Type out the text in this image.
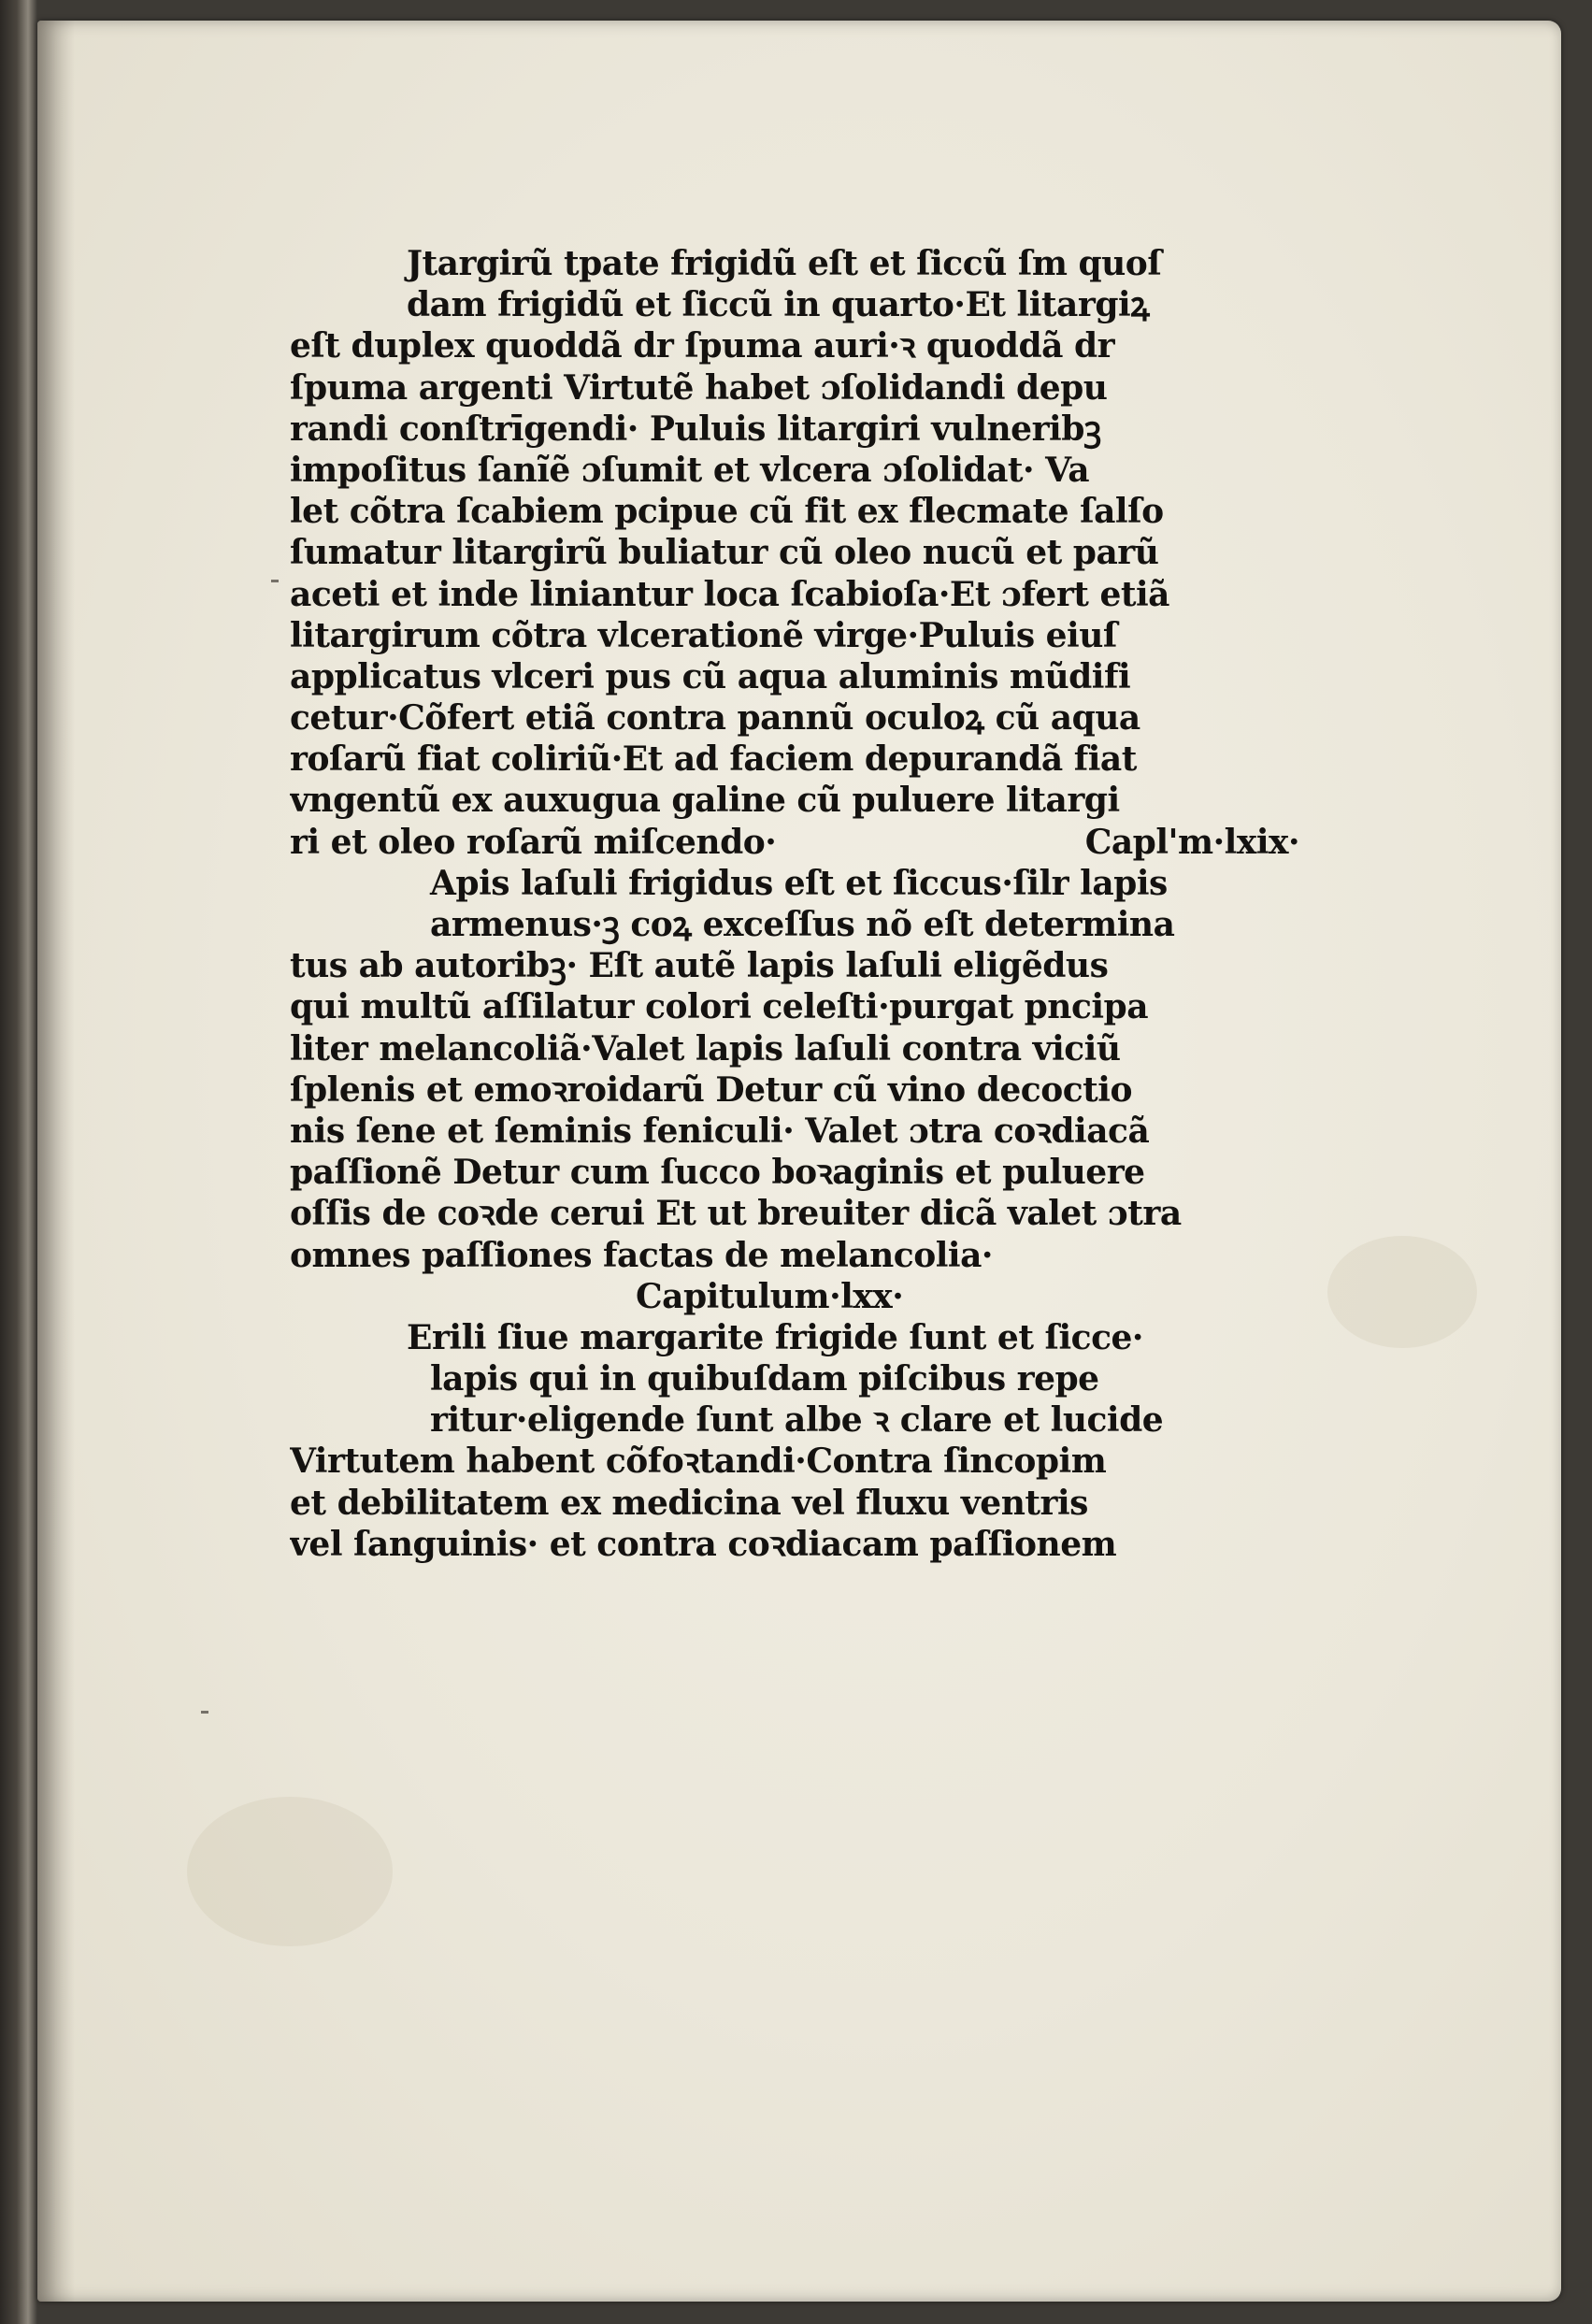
Jtargirũ tpate frigidũ eſt et ſiccũ ſm quoſ
dam frigidũ et ſiccũ in quarto·Et litargiꝝ
eſt duplex quoddã dr ſpuma auri·ꝛ quoddã dr
ſpuma argenti Virtutẽ habet ɔſolidandi depu
randi conſtrīgendi· Puluis litargiri vulneribꝫ
impoſitus ſanĩẽ ɔſumit et vlcera ɔſolidat· Va
let cõtra ſcabiem pcipue cũ fit ex flecmate ſalſo
ſumatur litargirũ buliatur cũ oleo nucũ et parũ
aceti et inde liniantur loca ſcabioſa·Et ɔfert etiã
litargirum cõtra vlcerationẽ virge·Puluis eiuſ
applicatus vlceri pus cũ aqua aluminis mũdifi
cetur·Cõfert etiã contra pannũ oculoꝝ cũ aqua
roſarũ fiat coliriũ·Et ad faciem depurandã fiat
vngentũ ex auxugua galine cũ puluere litargi
ri et oleo roſarũ miſcendo·	Capl'm·lxix·
Apis laſuli frigidus eſt et ſiccus·ſilr lapis
armenus·ꝫ coꝝ exceſſus nõ eſt determina
tus ab autoribꝫ· Eſt autẽ lapis laſuli eligẽdus
qui multũ aſſilatur colori celeſti·purgat pncipa
liter melancoliã·Valet lapis laſuli contra viciũ
ſplenis et emoꝛroidarũ Detur cũ vino decoctio
nis ſene et ſeminis feniculi· Valet ɔtra coꝛdiacã
paſſionẽ Detur cum ſucco boꝛaginis et puluere
oſſis de coꝛde cerui Et ut breuiter dicã valet ɔtra
omnes paſſiones factas de melancolia·
Capitulum·lxx·
Erili ſiue margarite frigide ſunt et ſicce·
lapis qui in quibuſdam piſcibus repe
ritur·eligende ſunt albe ꝛ clare et lucide
Virtutem habent cõfoꝛtandi·Contra ſincopim
et debilitatem ex medicina vel fluxu ventris
vel ſanguinis· et contra coꝛdiacam paſſionem
